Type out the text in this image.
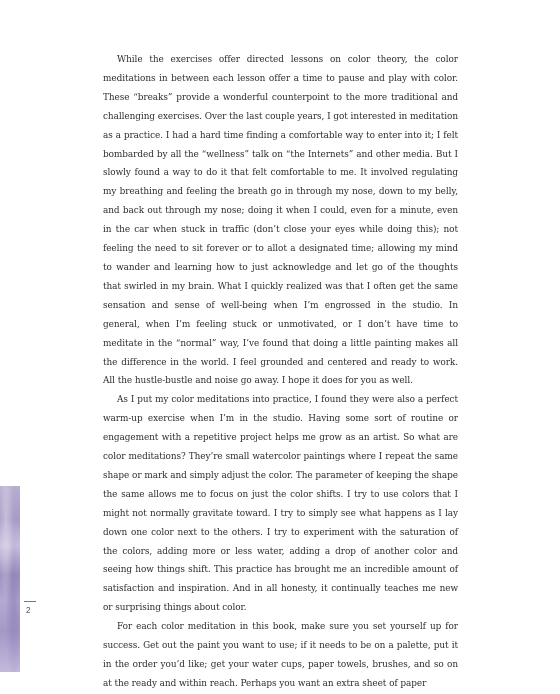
While the exercises offer directed lessons on color theory, the color meditations in between each lesson offer a time to pause and play with color. These “breaks” provide a wonderful counterpoint to the more traditional and challenging exercises. Over the last couple years, I got interested in meditation as a practice. I had a hard time finding a comfortable way to enter into it; I felt bombarded by all the “wellness” talk on “the Internets” and other media. But I slowly found a way to do it that felt comfortable to me. It involved regulating my breathing and feeling the breath go in through my nose, down to my belly, and back out through my nose; doing it when I could, even for a minute, even in the car when stuck in traffic (don’t close your eyes while doing this); not feeling the need to sit forever or to allot a designated time; allowing my mind to wander and learning how to just acknowledge and let go of the thoughts that swirled in my brain. What I quickly realized was that I often get the same sensation and sense of well-being when I’m engrossed in the studio. In general, when I’m feeling stuck or unmotivated, or I don’t have time to meditate in the “normal” way, I’ve found that doing a little painting makes all the difference in the world. I feel grounded and centered and ready to work. All the hustle-bustle and noise go away. I hope it does for you as well.

As I put my color meditations into practice, I found they were also a perfect warm-up exercise when I’m in the studio. Having some sort of routine or engagement with a repetitive project helps me grow as an artist. So what are color meditations? They’re small watercolor paintings where I repeat the same shape or mark and simply adjust the color. The parameter of keeping the shape the same allows me to focus on just the color shifts. I try to use colors that I might not normally gravitate toward. I try to simply see what happens as I lay down one color next to the others. I try to experiment with the saturation of the colors, adding more or less water, adding a drop of another color and seeing how things shift. This practice has brought me an incredible amount of satisfaction and inspiration. And in all honesty, it continually teaches me new or surprising things about color.

For each color meditation in this book, make sure you set yourself up for success. Get out the paint you want to use; if it needs to be on a palette, put it in the order you’d like; get your water cups, paper towels, brushes, and so on at the ready and within reach. Perhaps you want an extra sheet of paper

2
